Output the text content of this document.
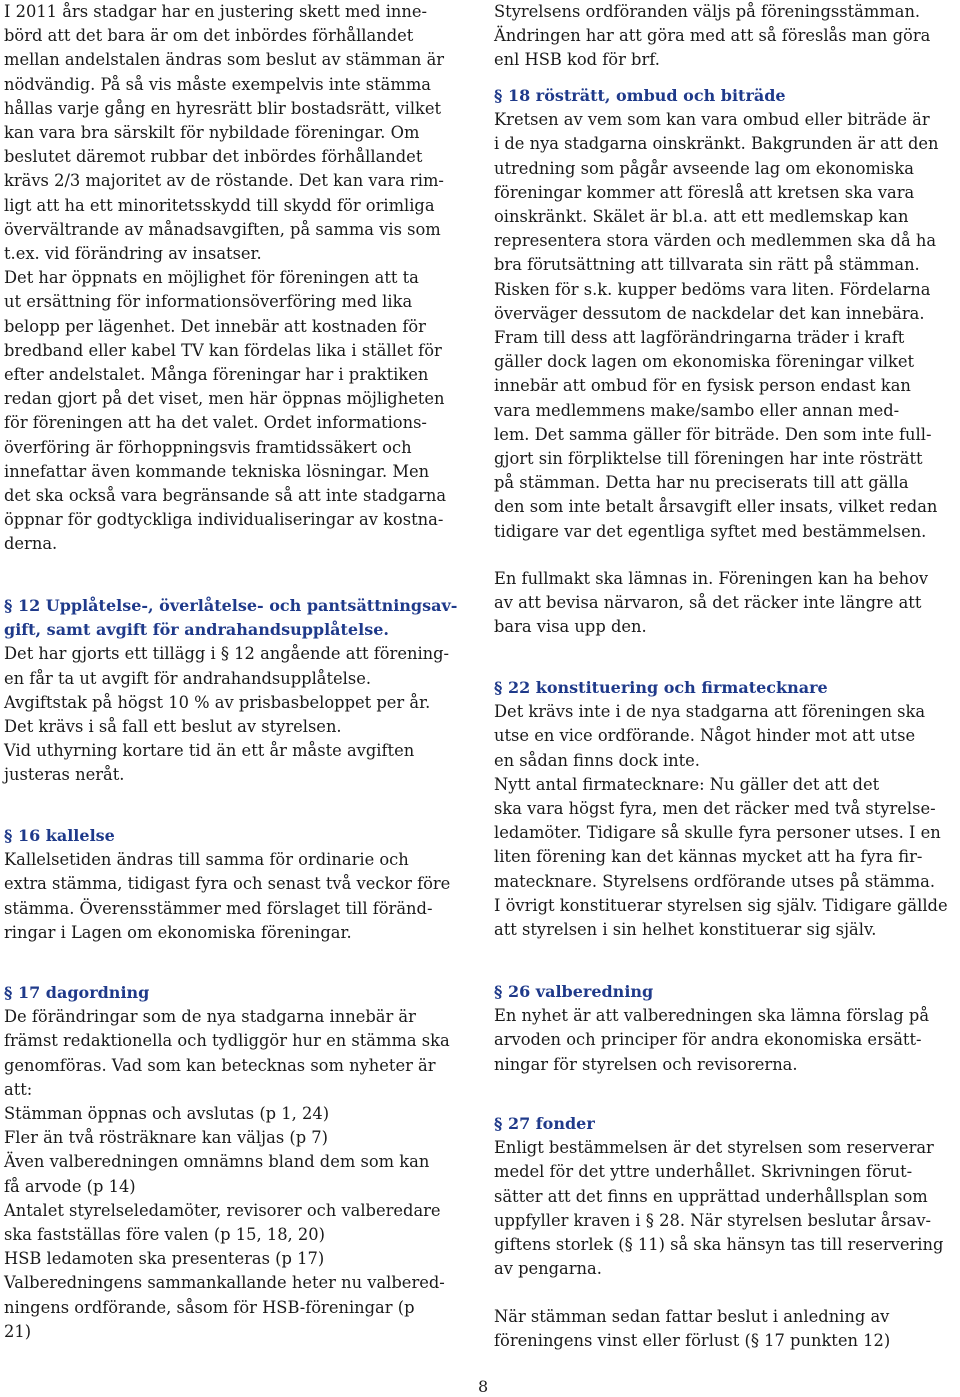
I 2011 års stadgar har en justering skett med inne-

börd att det bara är om det inbördes förhållandet

mellan andelstalen ändras som beslut av stämman är

nödvändig. På så vis måste exempelvis inte stämma

hållas varje gång en hyresrätt blir bostadsrätt, vilket

kan vara bra särskilt för nybildade föreningar. Om

beslutet däremot rubbar det inbördes förhållandet

krävs 2/3 majoritet av de röstande. Det kan vara rim-

ligt att ha ett minoritetsskydd till skydd för orimliga

övervältrande av månadsavgiften, på samma vis som

t.ex. vid förändring av insatser.

Det har öppnats en möjlighet för föreningen att ta

ut ersättning för informationsöverföring med lika

belopp per lägenhet. Det innebär att kostnaden för

bredband eller kabel TV kan fördelas lika i stället för

efter andelstalet. Många föreningar har i praktiken

redan gjort på det viset, men här öppnas möjligheten

för föreningen att ha det valet. Ordet informations-

överföring är förhoppningsvis framtidssäkert och

innefattar även kommande tekniska lösningar. Men

det ska också vara begränsande så att inte stadgarna

öppnar för godtyckliga individualiseringar av kostna-

derna.

§ 12 Upplåtelse-, överlåtelse- och pantsättningsav-
gift, samt avgift för andrahandsupplåtelse.

Det har gjorts ett tillägg i § 12 angående att förening-

en får ta ut avgift för andrahandsupplåtelse.

Avgiftstak på högst 10 % av prisbasbeloppet per år.

Det krävs i så fall ett beslut av styrelsen.

Vid uthyrning kortare tid än ett år måste avgiften

justeras neråt.

§ 16 kallelse

Kallelsetiden ändras till samma för ordinarie och

extra stämma, tidigast fyra och senast två veckor före

stämma. Överensstämmer med förslaget till föränd-

ringar i Lagen om ekonomiska föreningar.

§ 17 dagordning

De förändringar som de nya stadgarna innebär är

främst redaktionella och tydliggör hur en stämma ska

genomföras. Vad som kan betecknas som nyheter är

att:

Stämman öppnas och avslutas (p 1, 24)

Fler än två rösträknare kan väljas (p 7)

Även valberedningen omnämns bland dem som kan

få arvode (p 14)

Antalet styrelseledamöter, revisorer och valberedare

ska fastställas före valen (p 15, 18, 20)

HSB ledamoten ska presenteras (p 17)

Valberedningens sammankallande heter nu valbered-

ningens ordförande, såsom för HSB-föreningar (p

21)

Styrelsens ordföranden väljs på föreningsstämman.

Ändringen har att göra med att så föreslås man göra

enl HSB kod för brf.

§ 18 rösträtt, ombud och biträde

Kretsen av vem som kan vara ombud eller biträde är

i de nya stadgarna oinskränkt. Bakgrunden är att den

utredning som pågår avseende lag om ekonomiska

föreningar kommer att föreslå att kretsen ska vara

oinskränkt. Skälet är bl.a. att ett medlemskap kan

representera stora värden och medlemmen ska då ha

bra förutsättning att tillvarata sin rätt på stämman.

Risken för s.k. kupper bedöms vara liten. Fördelarna

överväger dessutom de nackdelar det kan innebära.

Fram till dess att lagförändringarna träder i kraft

gäller dock lagen om ekonomiska föreningar vilket

innebär att ombud för en fysisk person endast kan

vara medlemmens make/sambo eller annan med-

lem. Det samma gäller för biträde. Den som inte full-

gjort sin förpliktelse till föreningen har inte rösträtt

på stämman. Detta har nu preciserats till att gälla

den som inte betalt årsavgift eller insats, vilket redan

tidigare var det egentliga syftet med bestämmelsen.

En fullmakt ska lämnas in. Föreningen kan ha behov

av att bevisa närvaron, så det räcker inte längre att

bara visa upp den.

§ 22 konstituering och firmatecknare

Det krävs inte i de nya stadgarna att föreningen ska

utse en vice ordförande. Något hinder mot att utse

en sådan finns dock inte.

Nytt antal firmatecknare: Nu gäller det att det

ska vara högst fyra, men det räcker med två styrelse-

ledamöter. Tidigare så skulle fyra personer utses. I en

liten förening kan det kännas mycket att ha fyra fir-

matecknare. Styrelsens ordförande utses på stämma.

I övrigt konstituerar styrelsen sig själv. Tidigare gällde

att styrelsen i sin helhet konstituerar sig själv.

§ 26 valberedning

En nyhet är att valberedningen ska lämna förslag på

arvoden och principer för andra ekonomiska ersätt-

ningar för styrelsen och revisorerna.

§ 27 fonder

Enligt bestämmelsen är det styrelsen som reserverar

medel för det yttre underhållet. Skrivningen förut-

sätter att det finns en upprättad underhållsplan som

uppfyller kraven i § 28. När styrelsen beslutar årsav-

giftens storlek (§ 11) så ska hänsyn tas till reservering

av pengarna.

När stämman sedan fattar beslut i anledning av

föreningens vinst eller förlust (§ 17 punkten 12)

8
